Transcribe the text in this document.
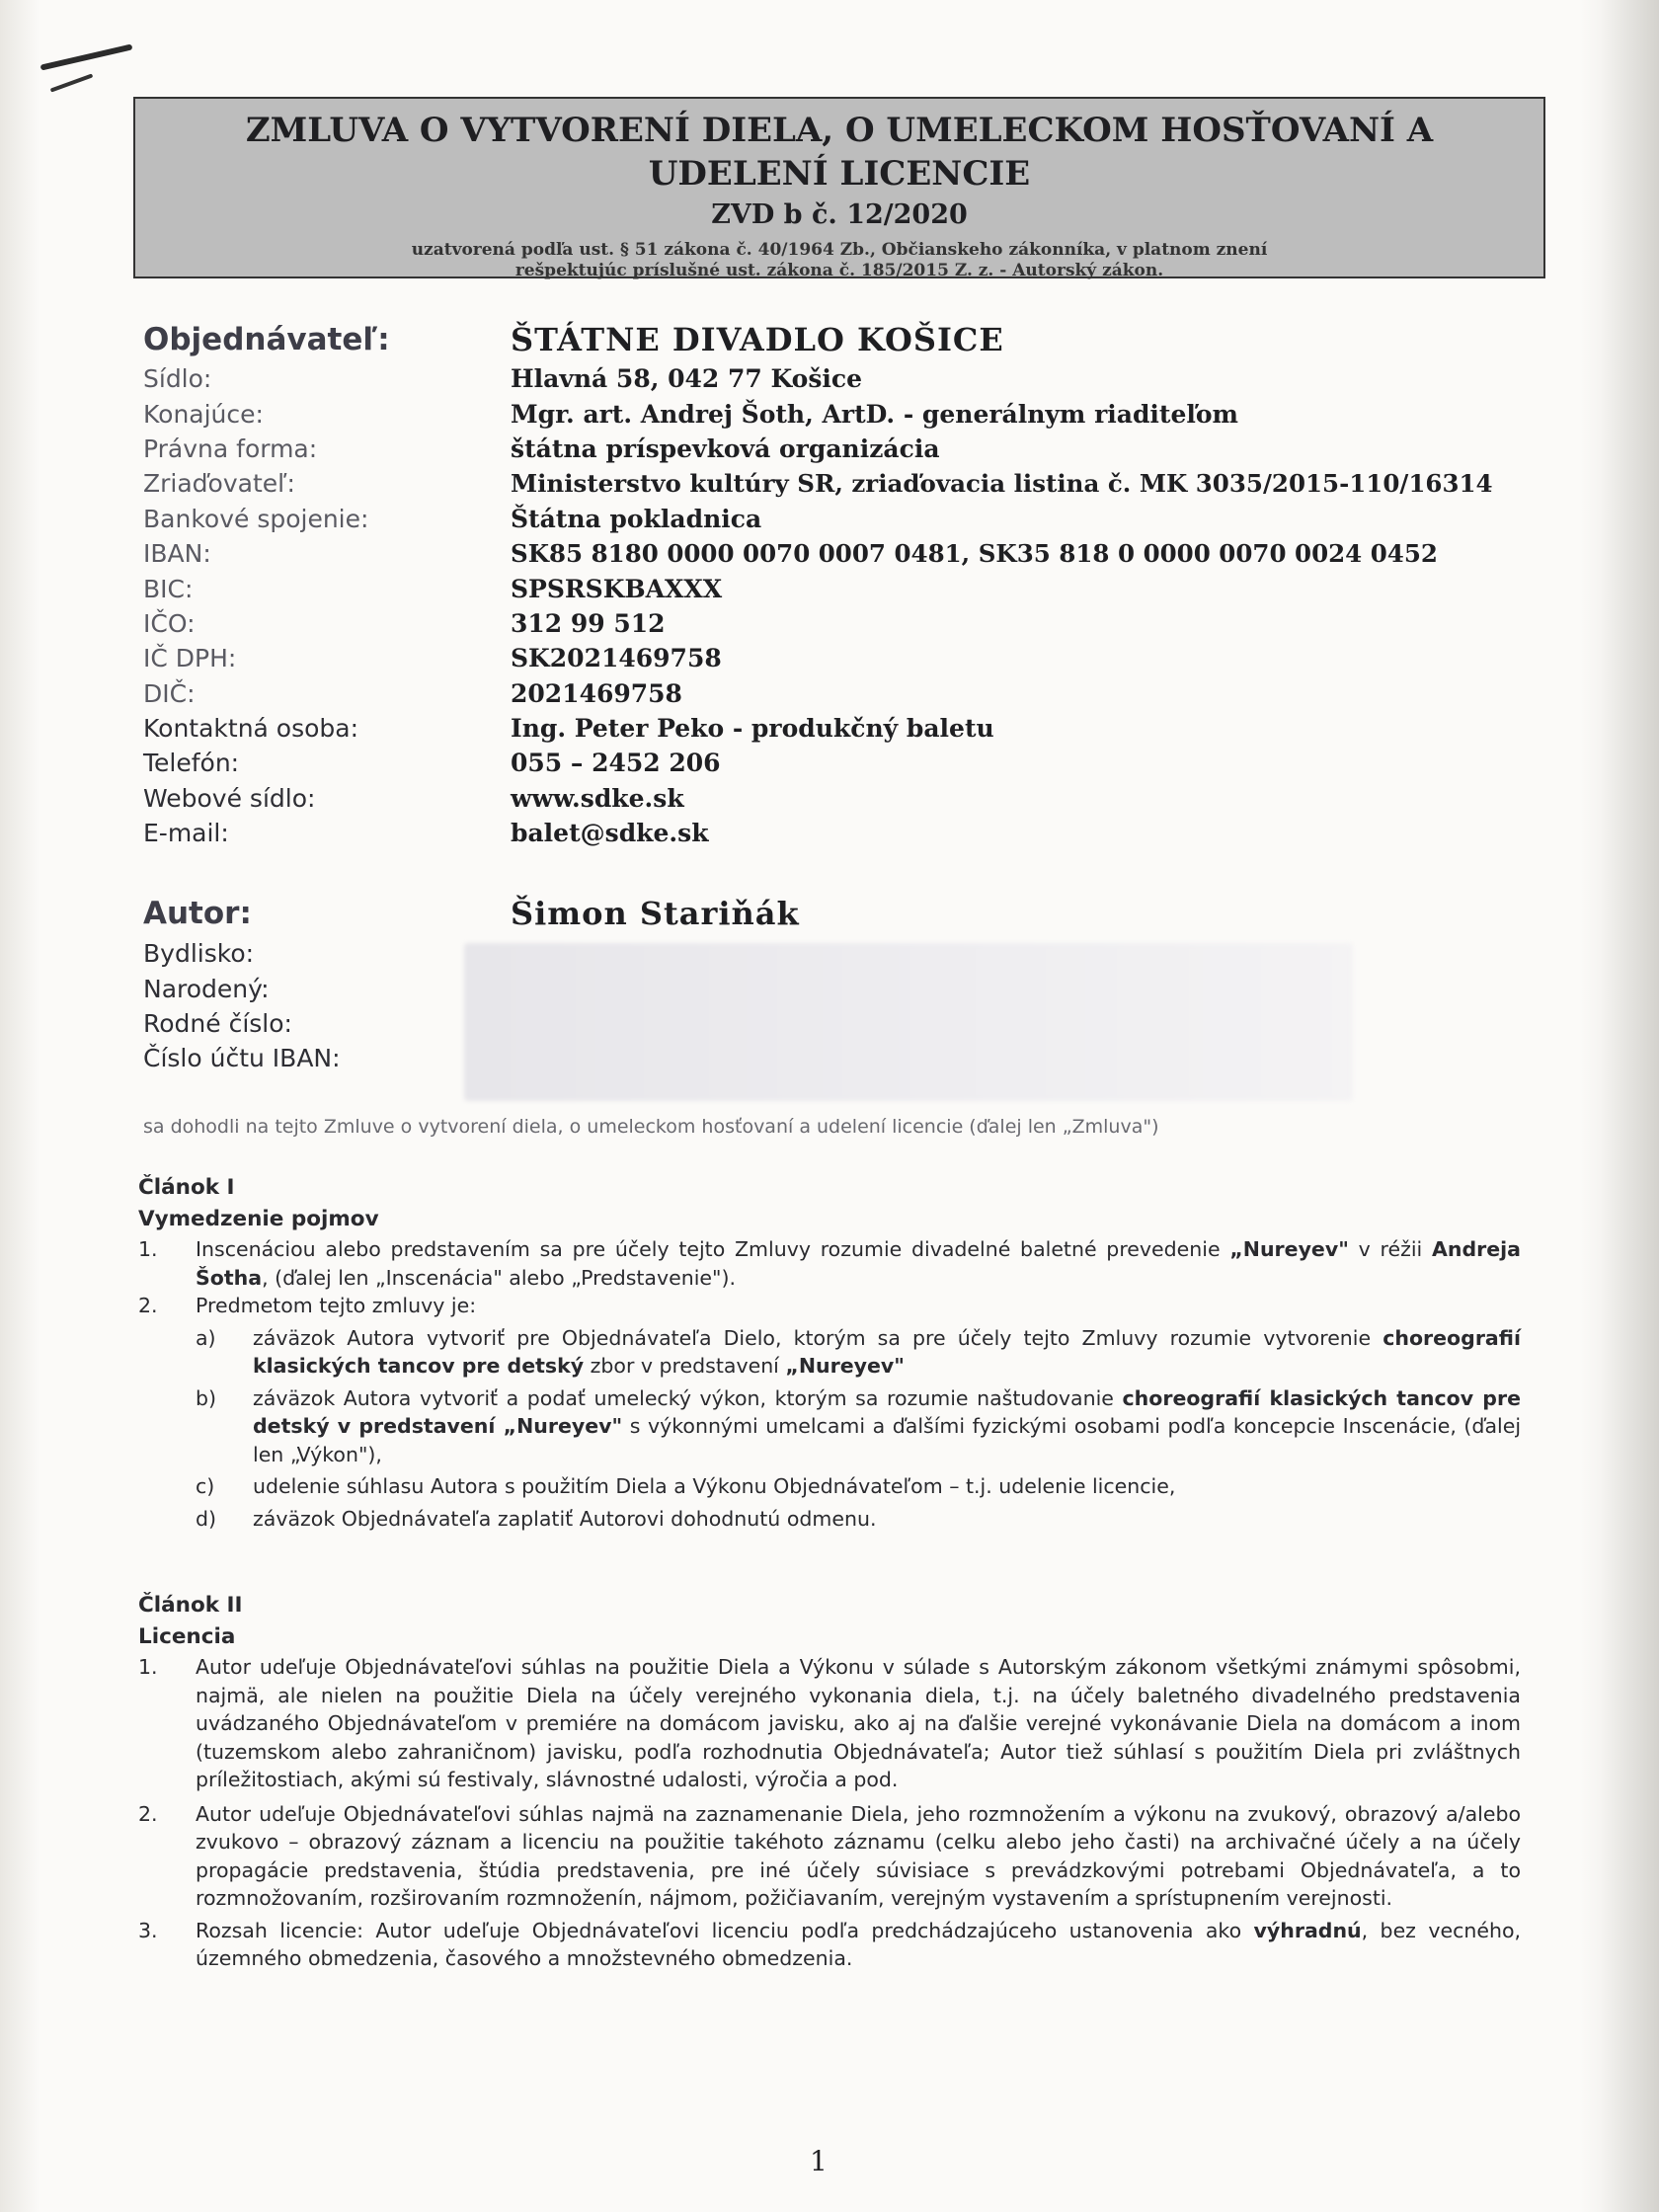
ZMLUVA O VYTVORENÍ DIELA, O UMELECKOM HOSŤOVANÍ A UDELENÍ LICENCIE
ZVD b č. 12/2020
uzatvorená podľa ust. § 51 zákona č. 40/1964 Zb., Občianskeho zákonníka, v platnom znení
rešpektujúc príslušné ust. zákona č. 185/2015 Z. z. - Autorský zákon.
Objednávateľ:	ŠTÁTNE DIVADLO KOŠICE
Sídlo:	Hlavná 58, 042 77 Košice
Konajúce:	Mgr. art. Andrej Šoth, ArtD. - generálnym riaditeľom
Právna forma:	štátna príspevková organizácia
Zriaďovateľ:	Ministerstvo kultúry SR, zriaďovacia listina č. MK 3035/2015-110/16314
Bankové spojenie:	Štátna pokladnica
IBAN:	SK85 8180 0000 0070 0007 0481, SK35 818 0 0000 0070 0024 0452
BIC:	SPSRSKBAXXX
IČO:	312 99 512
IČ DPH:	SK2021469758
DIČ:	2021469758
Kontaktná osoba:	Ing. Peter Peko - produkčný baletu
Telefón:	055 – 2452 206
Webové sídlo:	www.sdke.sk
E-mail:	balet@sdke.sk
Autor:	Šimon Stariňák
Bydlisko:
Narodený:
Rodné číslo:
Číslo účtu IBAN:
sa dohodli na tejto Zmluve o vytvorení diela, o umeleckom hosťovaní a udelení licencie (ďalej len „Zmluva")
Článok I
Vymedzenie pojmov
1.	Inscenáciou alebo predstavením sa pre účely tejto Zmluvy rozumie divadelné baletné prevedenie „Nureyev" v réžii Andreja Šotha, (ďalej len „Inscenácia" alebo „Predstavenie").
2.	Predmetom tejto zmluvy je:
a)	záväzok Autora vytvoriť pre Objednávateľa Dielo, ktorým sa pre účely tejto Zmluvy rozumie vytvorenie choreografií klasických tancov pre detský zbor v predstavení „Nureyev"
b)	záväzok Autora vytvoriť a podať umelecký výkon, ktorým sa rozumie naštudovanie choreografií klasických tancov pre detský v predstavení „Nureyev" s výkonnými umelcami a ďalšími fyzickými osobami podľa koncepcie Inscenácie, (ďalej len „Výkon"),
c)	udelenie súhlasu Autora s použitím Diela a Výkonu Objednávateľom – t.j. udelenie licencie,
d)	záväzok Objednávateľa zaplatiť Autorovi dohodnutú odmenu.
Článok II
Licencia
1.	Autor udeľuje Objednávateľovi súhlas na použitie Diela a Výkonu v súlade s Autorským zákonom všetkými známymi spôsobmi, najmä, ale nielen na použitie Diela na účely verejného vykonania diela, t.j. na účely baletného divadelného predstavenia uvádzaného Objednávateľom v premiére na domácom javisku, ako aj na ďalšie verejné vykonávanie Diela na domácom a inom (tuzemskom alebo zahraničnom) javisku, podľa rozhodnutia Objednávateľa; Autor tiež súhlasí s použitím Diela pri zvláštnych príležitostiach, akými sú festivaly, slávnostné udalosti, výročia a pod.
2.	Autor udeľuje Objednávateľovi súhlas najmä na zaznamenanie Diela, jeho rozmnožením a výkonu na zvukový, obrazový a/alebo zvukovo – obrazový záznam a licenciu na použitie takéhoto záznamu (celku alebo jeho časti) na archivačné účely a na účely propagácie predstavenia, štúdia predstavenia, pre iné účely súvisiace s prevádzkovými potrebami Objednávateľa, a to rozmnožovaním, rozširovaním rozmnoženín, nájmom, požičiavaním, verejným vystavením a sprístupnením verejnosti.
3.	Rozsah licencie: Autor udeľuje Objednávateľovi licenciu podľa predchádzajúceho ustanovenia ako výhradnú, bez vecného, územného obmedzenia, časového a množstevného obmedzenia.
1
